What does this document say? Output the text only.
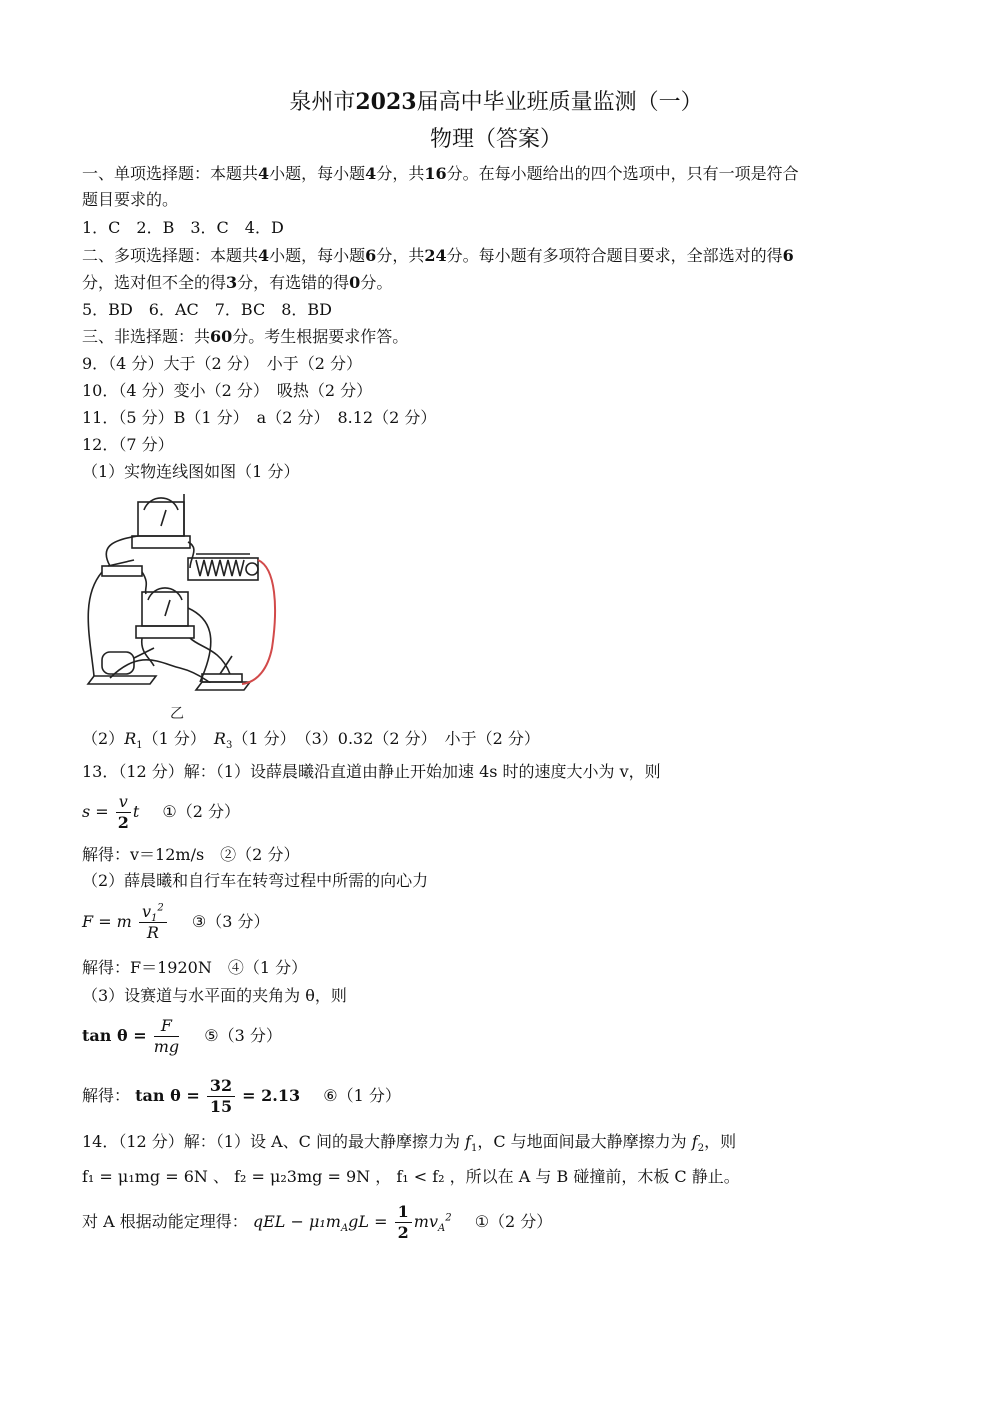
泉州市2023届高中毕业班质量监测（一）
物理（答案）
一、单项选择题：本题共4小题，每小题4分，共16分。在每小题给出的四个选项中，只有一项是符合
题目要求的。
1．C　2．B　3．C　4．D
二、多项选择题：本题共4小题，每小题6分，共24分。每小题有多项符合题目要求，全部选对的得6
分，选对但不全的得3分，有选错的得0分。
5．BD　6．AC　7．BC　8．BD
三、非选择题：共60分。考生根据要求作答。
9．（4 分）大于（2 分）　小于（2 分）
10．（4 分）变小（2 分）　吸热（2 分）
11．（5 分）B（1 分）　a（2 分）　8.12（2 分）
12．（7 分）
（1）实物连线图如图（1 分）
乙
$(2)R_1(1$ 分）　$R_3(1$ 分）　（3）0.32（2 分）　小于（2 分）
13．（12 分）解：（1）设薛晨曦沿直道由静止开始加速 4s 时的速度大小为 v，则
$s = \frac{v}{2}$ t ①（2 分）
解得：v＝12m/s　②（2 分）
（2）薛晨曦和自行车在转弯过程中所需的向心力
F = m $\frac{v_1^2}{R}$ ③（3 分）
解得：F＝1920N　④（1 分）
（3）设赛道与水平面的夹角为 θ，则
$\tan \theta = \frac{F}{mg}$ ⑤（3 分）
解得： $\tan \theta = \frac{32}{15} = 2.13$ ⑥（1 分）
14．（12 分）解：（1）设 A、C 间的最大静摩擦力为 $f_1$，C 与地面间最大静摩擦力为 $f_2$，则
f₁ = μ₁mg = 6N 、 f₂ = μ₂3mg = 9N ， f₁ < f₂ ，所以在 A 与 B 碰撞前，木板 C 静止。
对 A 根据动能定理得： qEL − $\mu_1m_AgL = \frac{1}{2} mv_A^2$ ①（2 分）
